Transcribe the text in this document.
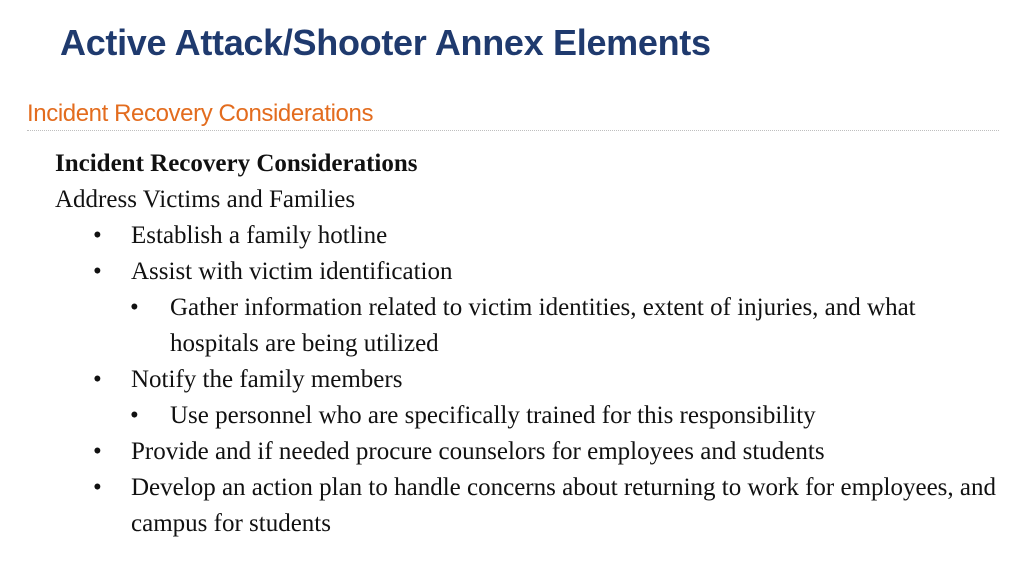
Active Attack/Shooter Annex Elements
Incident Recovery Considerations
Incident Recovery Considerations
Address Victims and Families
• Establish a family hotline
• Assist with victim identification
• Gather information related to victim identities, extent of injuries, and what hospitals are being utilized
• Notify the family members
• Use personnel who are specifically trained for this responsibility
• Provide and if needed procure counselors for employees and students
• Develop an action plan to handle concerns about returning to work for employees, and campus for students
